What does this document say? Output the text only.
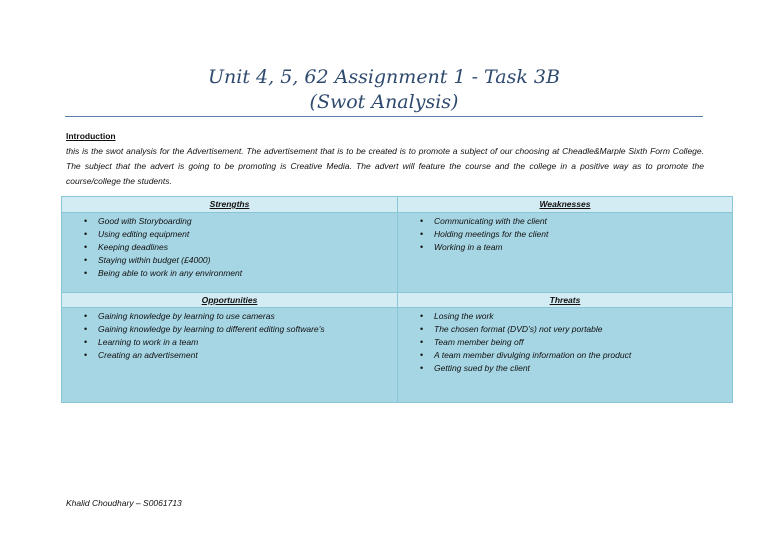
Unit 4, 5, 62 Assignment 1 - Task 3B
(Swot Analysis)
Introduction
this is the swot analysis for the Advertisement. The advertisement that is to be created is to promote a subject of our choosing at Cheadle&Marple Sixth Form College. The subject that the advert is going to be promoting is Creative Media. The advert will feature the course and the college in a positive way as to promote the course/college the students.
Strengths	Weaknesses
• Good with Storyboarding
• Using editing equipment
• Keeping deadlines
• Staying within budget (£4000)
• Being able to work in any environment
• Communicating with the client
• Holding meetings for the client
• Working in a team
Opportunities	Threats
• Gaining knowledge by learning to use cameras
• Gaining knowledge by learning to different editing software’s
• Learning to work in a team
• Creating an advertisement
• Losing the work
• The chosen format (DVD’s) not very portable
• Team member being off
• A team member divulging information on the product
• Getting sued by the client
Khalid Choudhary – S0061713
